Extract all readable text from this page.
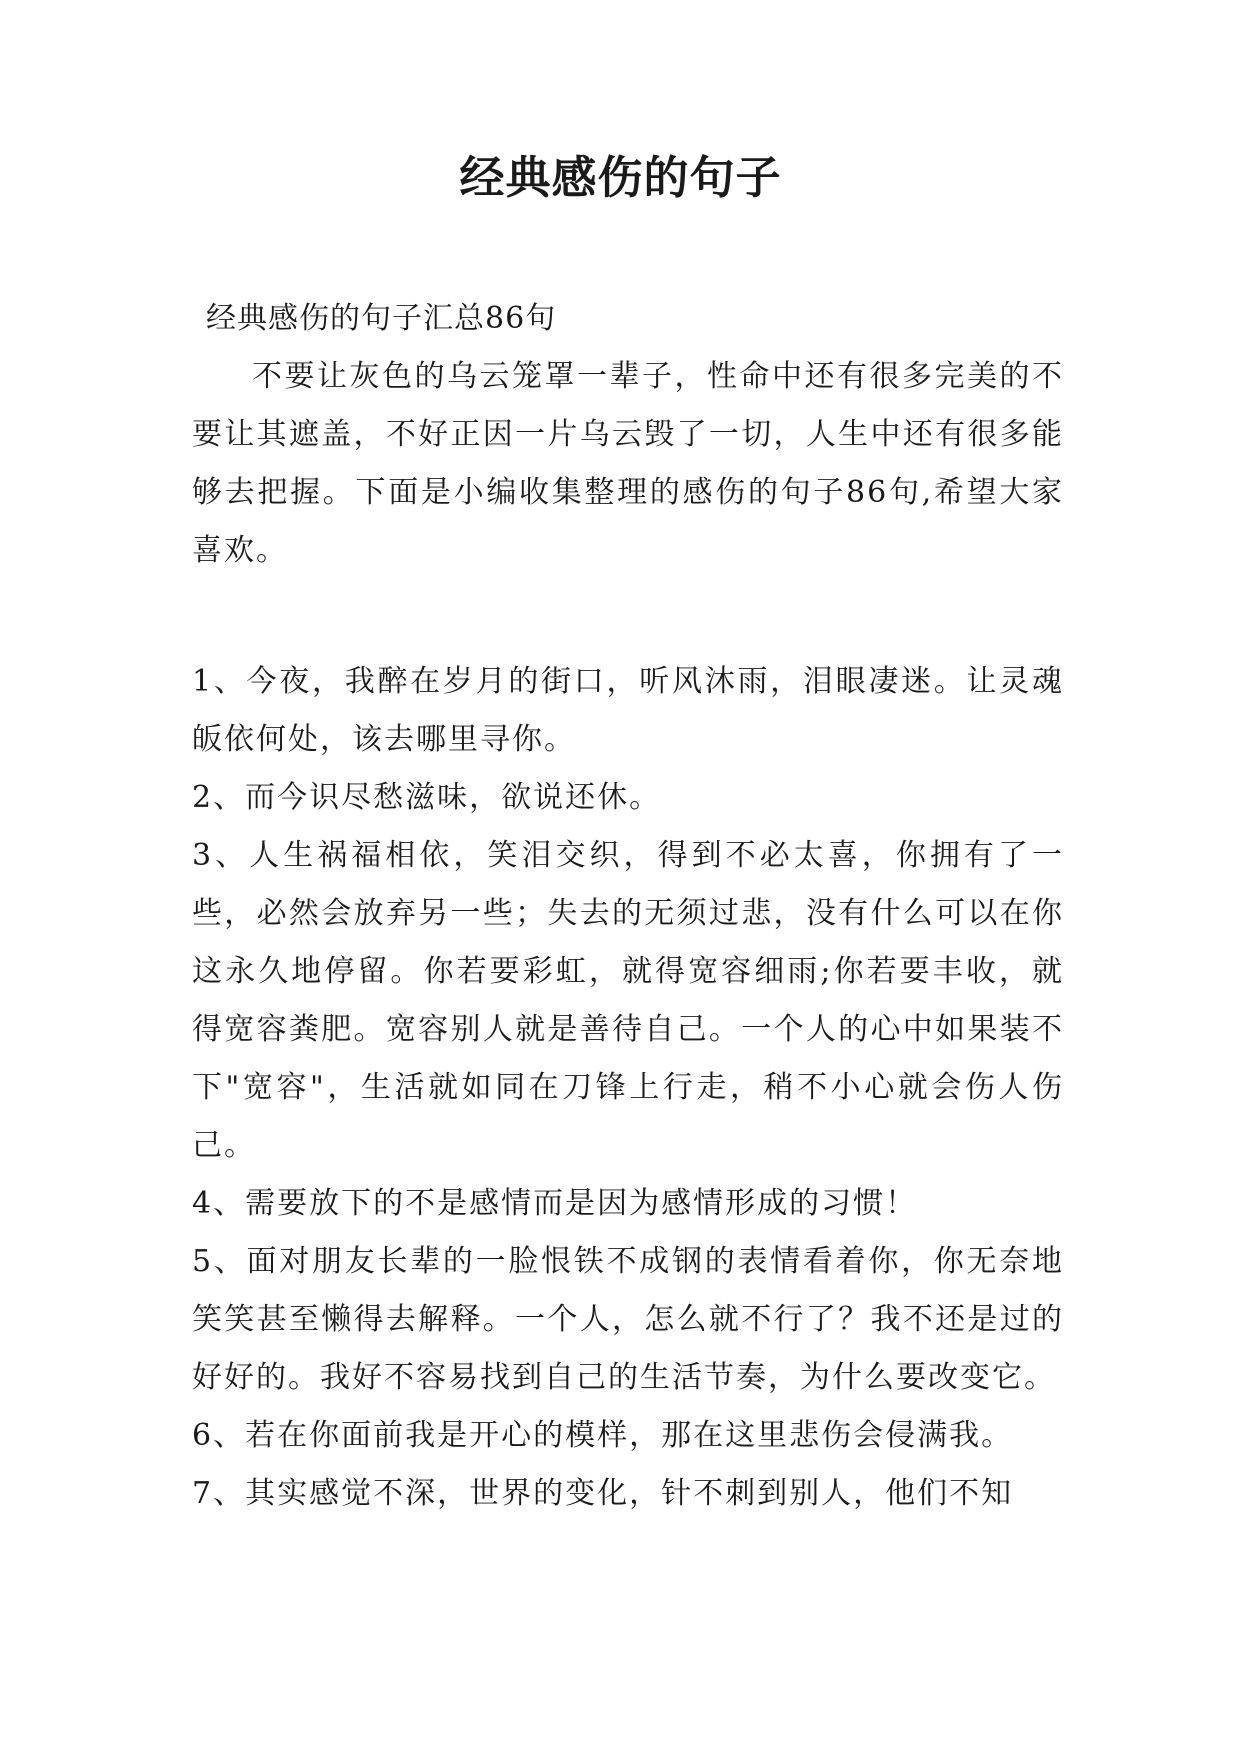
经典感伤的句子

经典感伤的句子汇总86句

不要让灰色的乌云笼罩一辈子，性命中还有很多完美的不要让其遮盖，不好正因一片乌云毁了一切，人生中还有很多能够去把握。下面是小编收集整理的感伤的句子86句,希望大家喜欢。

1、今夜，我醉在岁月的街口，听风沐雨，泪眼凄迷。让灵魂皈依何处，该去哪里寻你。

2、而今识尽愁滋味，欲说还休。

3、人生祸福相依，笑泪交织，得到不必太喜，你拥有了一些，必然会放弃另一些；失去的无须过悲，没有什么可以在你这永久地停留。你若要彩虹，就得宽容细雨;你若要丰收，就得宽容粪肥。宽容别人就是善待自己。一个人的心中如果装不下"宽容"，生活就如同在刀锋上行走，稍不小心就会伤人伤己。

4、需要放下的不是感情而是因为感情形成的习惯！

5、面对朋友长辈的一脸恨铁不成钢的表情看着你，你无奈地笑笑甚至懒得去解释。一个人，怎么就不行了？我不还是过的好好的。我好不容易找到自己的生活节奏，为什么要改变它。

6、若在你面前我是开心的模样，那在这里悲伤会侵满我。

7、其实感觉不深，世界的变化，针不刺到别人，他们不知
